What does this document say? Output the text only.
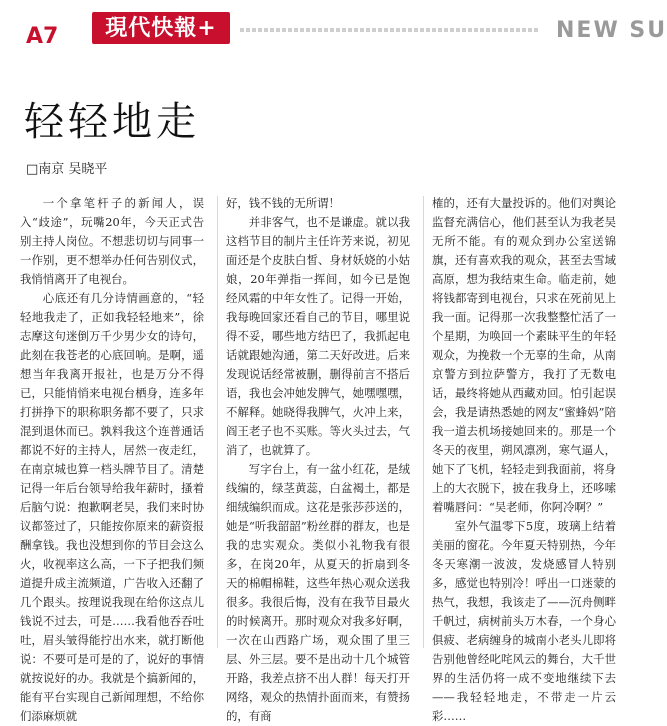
A7	現代快報+	NEW SU
轻轻地走
□南京 吴晓平

一个拿笔杆子的新闻人，误入“歧途”，玩嘴20年，今天正式告别主持人岗位。不想悲切切与同事一一作别，更不想举办任何告别仪式，我悄悄离开了电视台。

心底还有几分诗情画意的，“轻轻地我走了，正如我轻轻地来”，徐志摩这句迷倒万千少男少女的诗句，此刻在我苍老的心底回响。是啊，遥想当年我离开报社，也是万分不得已，只能悄悄来电视台栖身，连多年打拼挣下的职称职务都不要了，只求混到退休而已。孰料我这个连普通话都说不好的主持人，居然一夜走红，在南京城也算一档头牌节目了。清楚记得一年后台领导给我年薪时，搔着后脑勺说：抱歉啊老吴，我们来时协议都签过了，只能按你原来的薪资报酬拿钱。我也没想到你的节目会这么火，收视率这么高，一下子把我们频道提升成主流频道，广告收入还翻了几个跟头。按理说我现在给你这点儿钱说不过去，可是……我看他吞吞吐吐，眉头皱得能拧出水来，就打断他说：不要可是可是的了，说好的事情就按说好的办。我就是个搞新闻的，能有平台实现自己新闻理想，不给你们添麻烦就

好，钱不钱的无所谓！

并非客气，也不是谦虚。就以我这档节目的制片主任许芳来说，初见面还是个皮肤白皙、身材妖娆的小姑娘，20年弹指一挥间，如今已是饱经风霜的中年女性了。记得一开始，我每晚回家还看自己的节目，哪里说得不妥，哪些地方结巴了，我抓起电话就跟她沟通，第二天好改进。后来发现说话经常被删，删得前言不搭后语，我也会冲她发脾气，她嘿嘿嘿，不解释。她晓得我脾气，火冲上来，阎王老子也不买账。等火头过去，气消了，也就算了。

写字台上，有一盆小红花，是绒线编的，绿茎黄蕊，白盆褐土，都是细绒编织而成。这花是张莎莎送的，她是“听我韶韶”粉丝群的群友，也是我的忠实观众。类似小礼物我有很多，在岗20年，从夏天的折扇到冬天的棉帽棉鞋，这些年热心观众送我很多。我很后悔，没有在我节目最火的时候离开。那时观众对我多好啊，一次在山西路广场，观众围了里三层、外三层。要不是出动十几个城管开路，我差点挤不出人群！每天打开网络，观众的热情扑面而来，有赞扬的，有商

榷的，还有大量投诉的。他们对舆论监督充满信心，他们甚至认为我老吴无所不能。有的观众到办公室送锦旗，还有喜欢我的观众，甚至去雪域高原，想为我结束生命。临走前，她将钱都寄到电视台，只求在死前见上我一面。记得那一次我整整忙活了一个星期，为唤回一个素昧平生的年轻观众，为挽救一个无辜的生命，从南京警方到拉萨警方，我打了无数电话，最终将她从西藏劝回。怕引起误会，我是请热悉她的网友“蜜蜂妈”陪我一道去机场接她回来的。那是一个冬天的夜里，朔风凛冽，寒气逼人，她下了飞机，轻轻走到我面前，将身上的大衣脱下，披在我身上，还哆嗦着嘴唇问：“吴老师，你阿冷啊？”

室外气温零下5度，玻璃上结着美丽的窗花。今年夏天特别热，今年冬天寒潮一波波，发烧感冒人特别多，感觉也特别冷！呼出一口迷蒙的热气，我想，我该走了——沉舟侧畔千帆过，病树前头万木春，一个身心俱疲、老病缠身的城南小老头儿即将告别他曾经叱咤风云的舞台，大千世界的生活仍将一成不变地继续下去——我轻轻地走，不带走一片云彩……
